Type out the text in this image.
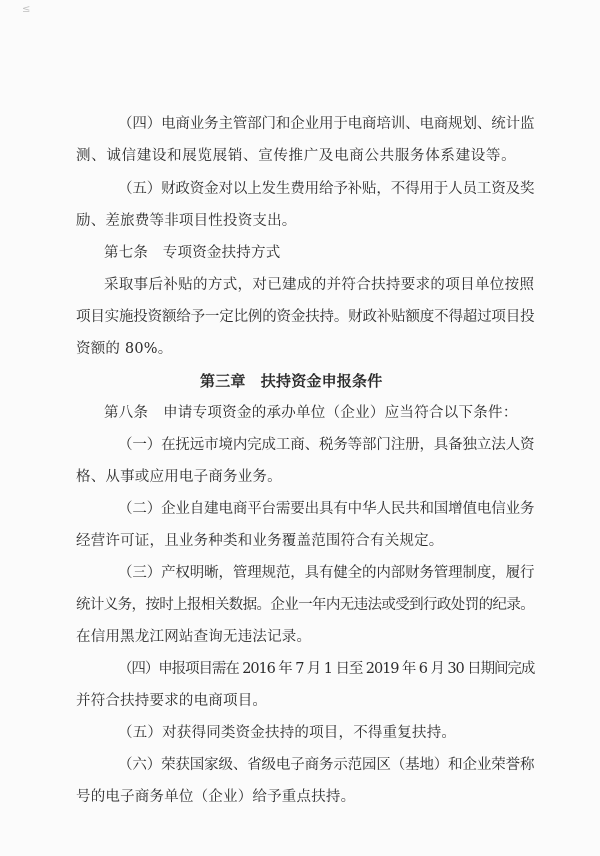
≤
（四）电商业务主管部门和企业用于电商培训、电商规划、统计监
测、诚信建设和展览展销、宣传推广及电商公共服务体系建设等。
（五）财政资金对以上发生费用给予补贴，不得用于人员工资及奖
励、差旅费等非项目性投资支出。
第七条　专项资金扶持方式
采取事后补贴的方式，对已建成的并符合扶持要求的项目单位按照
项目实施投资额给予一定比例的资金扶持。财政补贴额度不得超过项目投
资额的 80%。
第三章　扶持资金申报条件
第八条　申请专项资金的承办单位（企业）应当符合以下条件：
（一）在抚远市境内完成工商、税务等部门注册，具备独立法人资
格、从事或应用电子商务业务。
（二）企业自建电商平台需要出具有中华人民共和国增值电信业务
经营许可证，且业务种类和业务覆盖范围符合有关规定。
（三）产权明晰，管理规范，具有健全的内部财务管理制度，履行
统计义务，按时上报相关数据。企业一年内无违法或受到行政处罚的纪录。
在信用黑龙江网站查询无违法记录。
（四）申报项目需在 2016 年 7 月 1 日至 2019 年 6 月 30 日期间完成
并符合扶持要求的电商项目。
（五）对获得同类资金扶持的项目，不得重复扶持。
（六）荣获国家级、省级电子商务示范园区（基地）和企业荣誉称
号的电子商务单位（企业）给予重点扶持。
